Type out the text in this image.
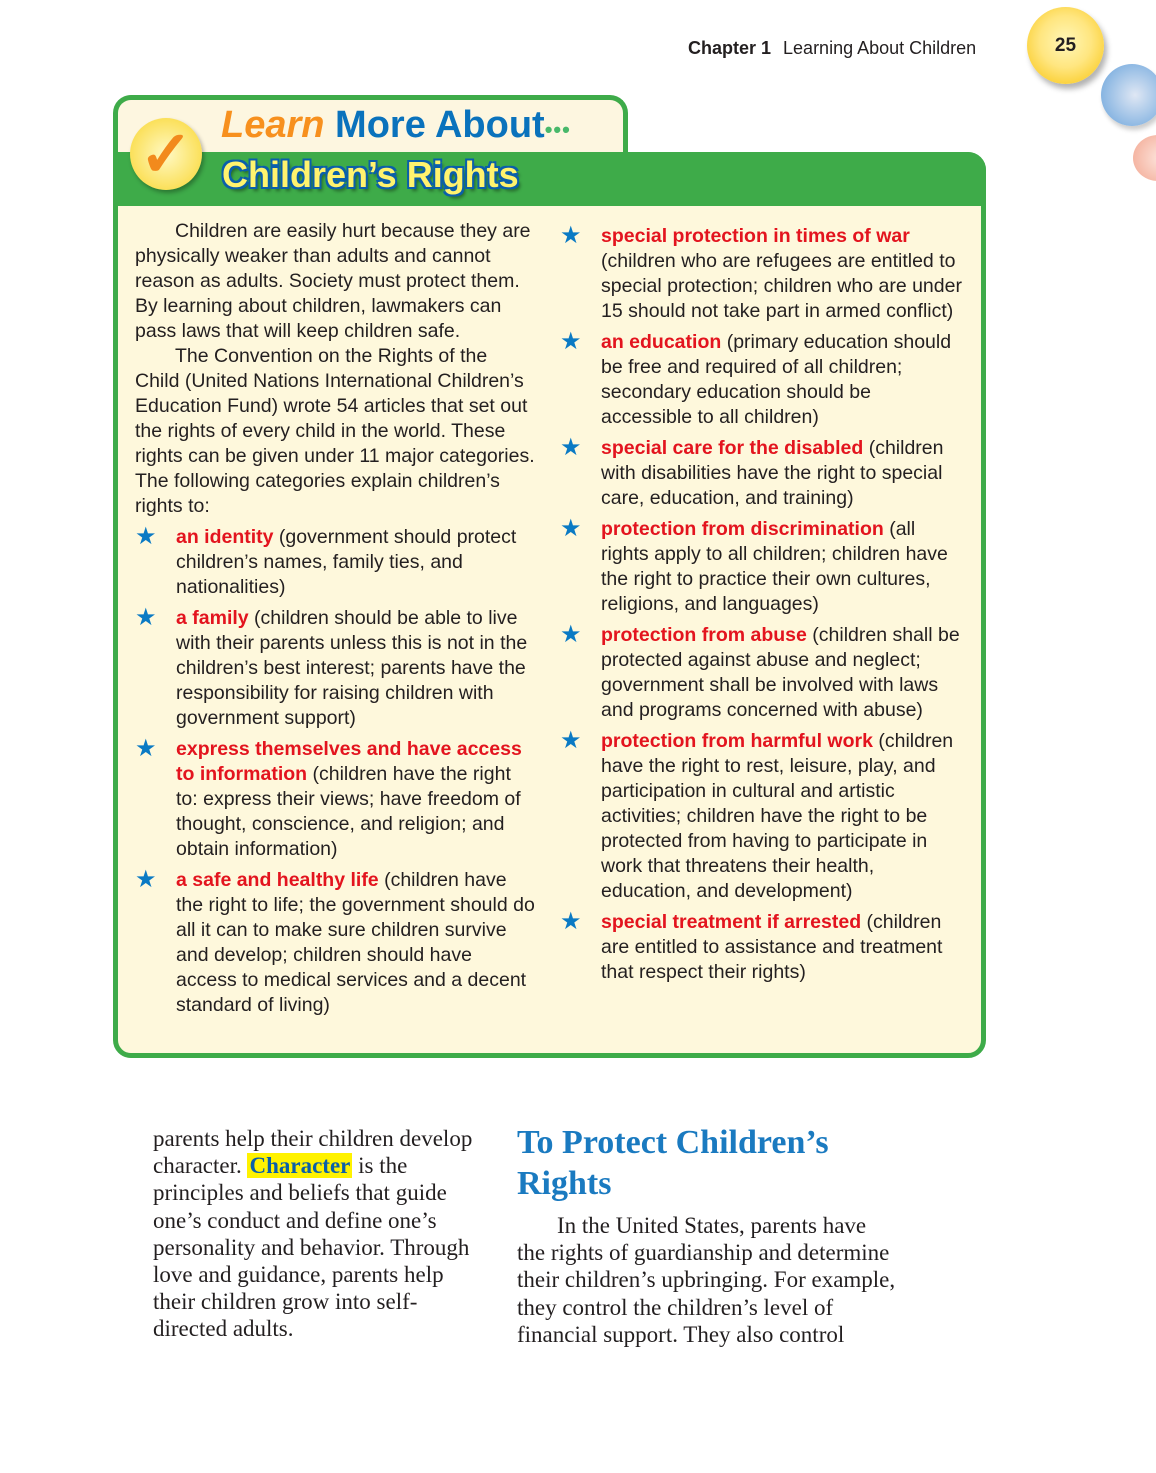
Chapter 1 Learning About Children	25
✓ Learn More About•••
Children’s Rights

Children are easily hurt because they are physically weaker than adults and cannot reason as adults. Society must protect them. By learning about children, lawmakers can pass laws that will keep children safe.

The Convention on the Rights of the Child (United Nations International Children’s Education Fund) wrote 54 articles that set out the rights of every child in the world. These rights can be given under 11 major categories. The following categories explain children’s rights to:

★ an identity (government should protect children’s names, family ties, and nationalities)
★ a family (children should be able to live with their parents unless this is not in the children’s best interest; parents have the responsibility for raising children with government support)
★ express themselves and have access to information (children have the right to: express their views; have freedom of thought, conscience, and religion; and obtain information)
★ a safe and healthy life (children have the right to life; the government should do all it can to make sure children survive and develop; children should have access to medical services and a decent standard of living)
★ special protection in times of war (children who are refugees are entitled to special protection; children who are under 15 should not take part in armed conflict)
★ an education (primary education should be free and required of all children; secondary education should be accessible to all children)
★ special care for the disabled (children with disabilities have the right to special care, education, and training)
★ protection from discrimination (all rights apply to all children; children have the right to practice their own cultures, religions, and languages)
★ protection from abuse (children shall be protected against abuse and neglect; government shall be involved with laws and programs concerned with abuse)
★ protection from harmful work (children have the right to rest, leisure, play, and participation in cultural and artistic activities; children have the right to be protected from having to participate in work that threatens their health, education, and development)
★ special treatment if arrested (children are entitled to assistance and treatment that respect their rights)
parents help their children develop character. Character is the principles and beliefs that guide one’s conduct and define one’s personality and behavior. Through love and guidance, parents help their children grow into self-directed adults.
To Protect Children’s Rights

In the United States, parents have the rights of guardianship and determine their children’s upbringing. For example, they control the children’s level of financial support. They also control
